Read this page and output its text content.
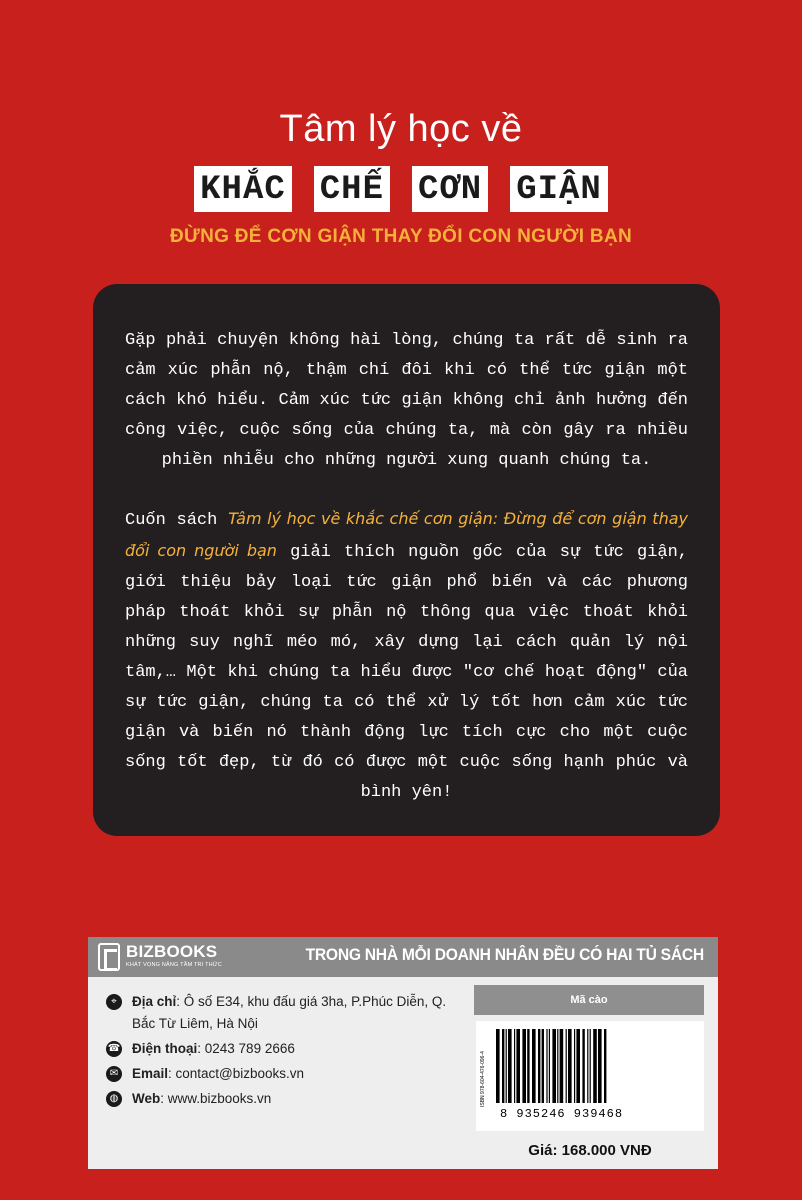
Tâm lý học về
KHẮC CHẾ CƠN GIẬN
ĐỪNG ĐỂ CƠN GIẬN THAY ĐỔI CON NGƯỜI BẠN

Gặp phải chuyện không hài lòng, chúng ta rất dễ sinh ra cảm xúc phẫn nộ, thậm chí đôi khi có thể tức giận một cách khó hiểu. Cảm xúc tức giận không chỉ ảnh hưởng đến công việc, cuộc sống của chúng ta, mà còn gây ra nhiều phiền nhiễu cho những người xung quanh chúng ta.

Cuốn sách Tâm lý học về khắc chế cơn giận: Đừng để cơn giận thay đổi con người bạn giải thích nguồn gốc của sự tức giận, giới thiệu bảy loại tức giận phổ biến và các phương pháp thoát khỏi sự phẫn nộ thông qua việc thoát khỏi những suy nghĩ méo mó, xây dựng lại cách quản lý nội tâm,… Một khi chúng ta hiểu được "cơ chế hoạt động" của sự tức giận, chúng ta có thể xử lý tốt hơn cảm xúc tức giận và biến nó thành động lực tích cực cho một cuộc sống tốt đẹp, từ đó có được một cuộc sống hạnh phúc và bình yên!

BIZBOOKS
KHÁT VỌNG NÂNG TẦM TRI THỨC
TRONG NHÀ MỖI DOANH NHÂN ĐỀU CÓ HAI TỦ SÁCH
⌖	Địa chỉ: Ô số E34, khu đấu giá 3ha, P.Phúc Diễn, Q. Bắc Từ Liêm, Hà Nội
☎ Điện thoại: 0243 789 2666
✉ Email: contact@bizbooks.vn
◍ Web: www.bizbooks.vn
Mã cào
ISBN 978-604-476-096-4
8 935246 939468
Giá: 168.000 VNĐ
